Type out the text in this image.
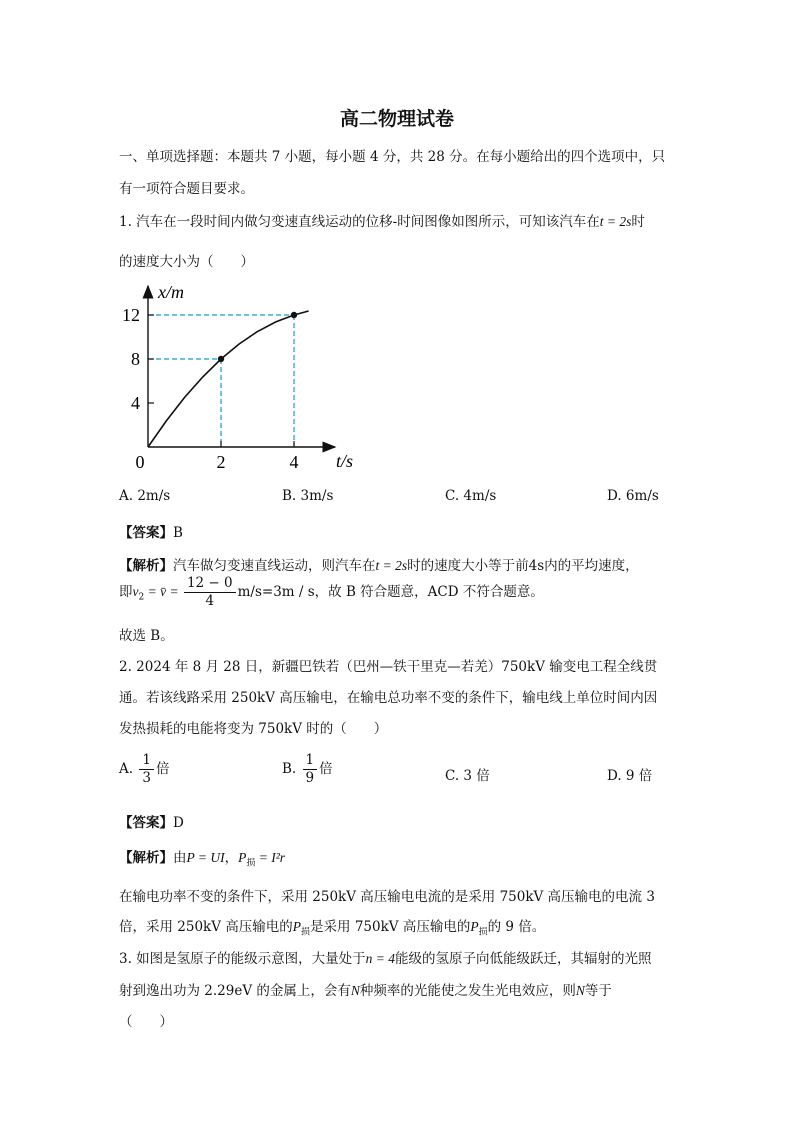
高二物理试卷
一、单项选择题：本题共 7 小题，每小题 4 分，共 28 分。在每小题给出的四个选项中，只
有一项符合题目要求。
1. 汽车在一段时间内做匀变速直线运动的位移-时间图像如图所示，可知该汽车在t = 2s时
的速度大小为（　　）
4
8
12
2	4
x/m
t/s
0
A. 2m/s	B. 3m/s	C. 4m/s	D. 6m/s
【答案】B
【解析】汽车做匀变速直线运动，则汽车在t = 2s时的速度大小等于前4s内的平均速度，
即$v_2$ = v̄ = $\frac{12 - 0}{4} m/s=3m / s$，故 B 符合题意，ACD 不符合题意。
故选 B。
2. 2024 年 8 月 28 日，新疆巴铁若（巴州—铁干里克—若羌）750kV 输变电工程全线贯
通。若该线路采用 250kV 高压输电，在输电总功率不变的条件下，输电线上单位时间内因
发热损耗的电能将变为 750kV 时的（　　）
A. $\frac{1}{3}$ 倍	B. $\frac{1}{9}$ 倍	C. 3 倍	D. 9 倍
【答案】D
【解析】由P = UI，$P_损 = I^2r$
在输电功率不变的条件下，采用 250kV 高压输电电流的是采用 750kV 高压输电的电流 3
倍，采用 250kV 高压输电的$P_损$是采用 750kV 高压输电的$P_损$的 9 倍。
3. 如图是氢原子的能级示意图，大量处于n = 4能级的氢原子向低能级跃迁，其辐射的光照
射到逸出功为 2.29eV 的金属上，会有N种频率的光能使之发生光电效应，则N等于
（　　）
